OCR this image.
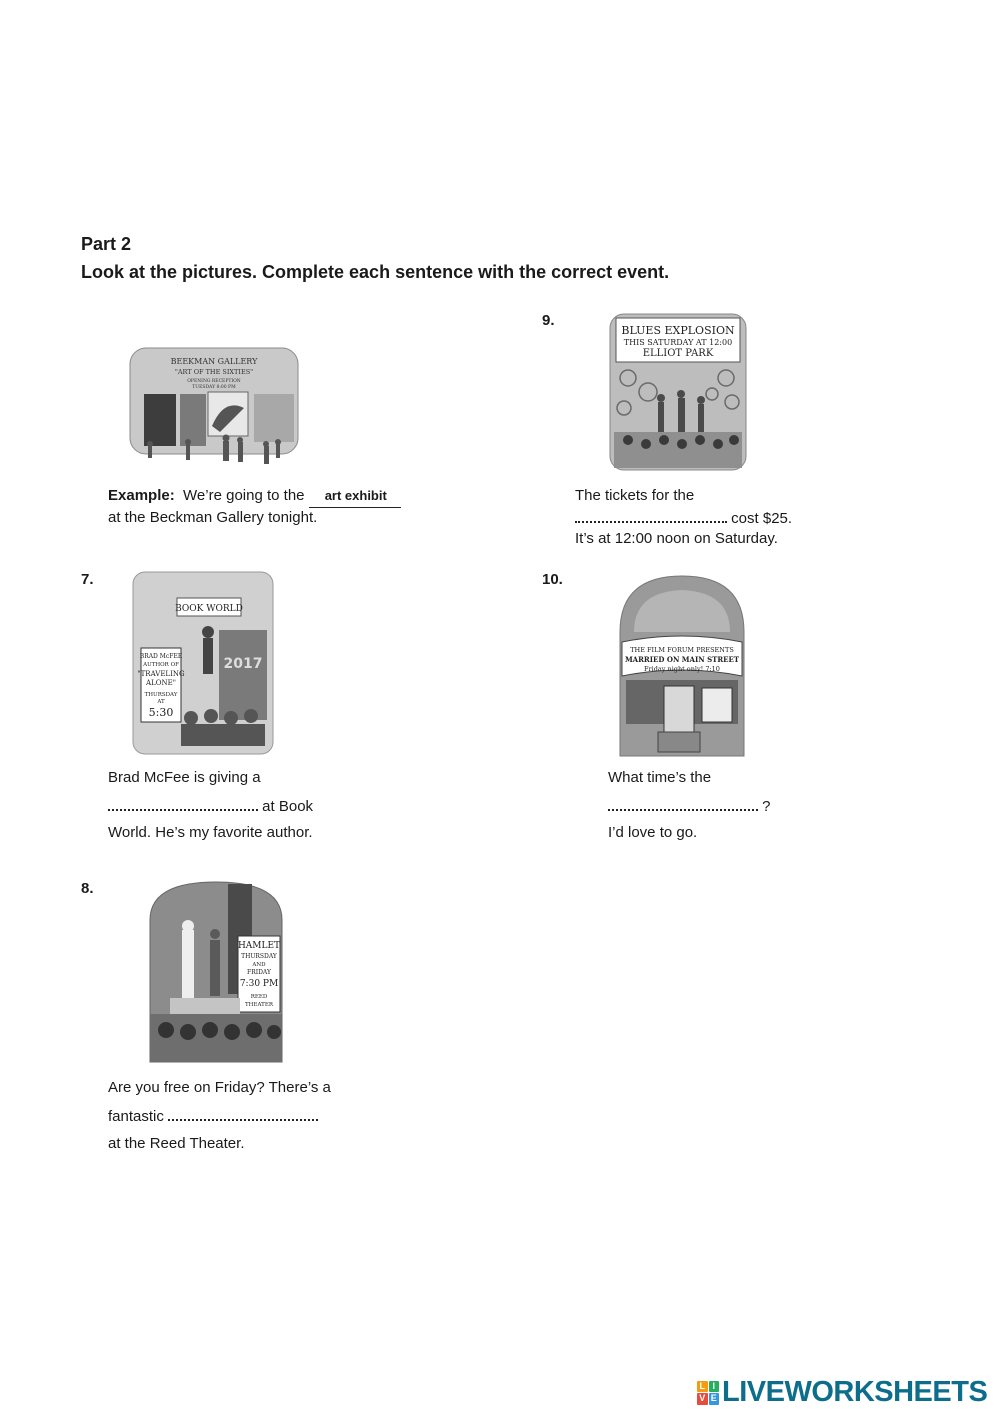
Part 2
Look at the pictures. Complete each sentence with the correct event.
BEEKMAN GALLERY
"ART OF THE SIXTIES"
OPENING RECEPTION
TUESDAY 8:00 PM
Example: We’re going to the art exhibit
at the Beckman Gallery tonight.
9.
BLUES EXPLOSION
THIS SATURDAY AT 12:00
ELLIOT PARK
The tickets for the
cost $25.
It’s at 12:00 noon on Saturday.
7.
BOOK WORLD
2017
BRAD McFEE
AUTHOR OF
"TRAVELING
ALONE"
THURSDAY
AT
5:30
Brad McFee is giving a
at Book
World. He’s my favorite author.
10.
THE FILM FORUM PRESENTS
MARRIED ON MAIN STREET
Friday night only! 7:10
What time’s the
?
I’d love to go.
8.
HAMLET
THURSDAY
AND
FRIDAY
7:30 PM
REED
THEATER
Are you free on Friday? There’s a
fantastic
at the Reed Theater.
L I
V E LIVEWORKSHEETS
